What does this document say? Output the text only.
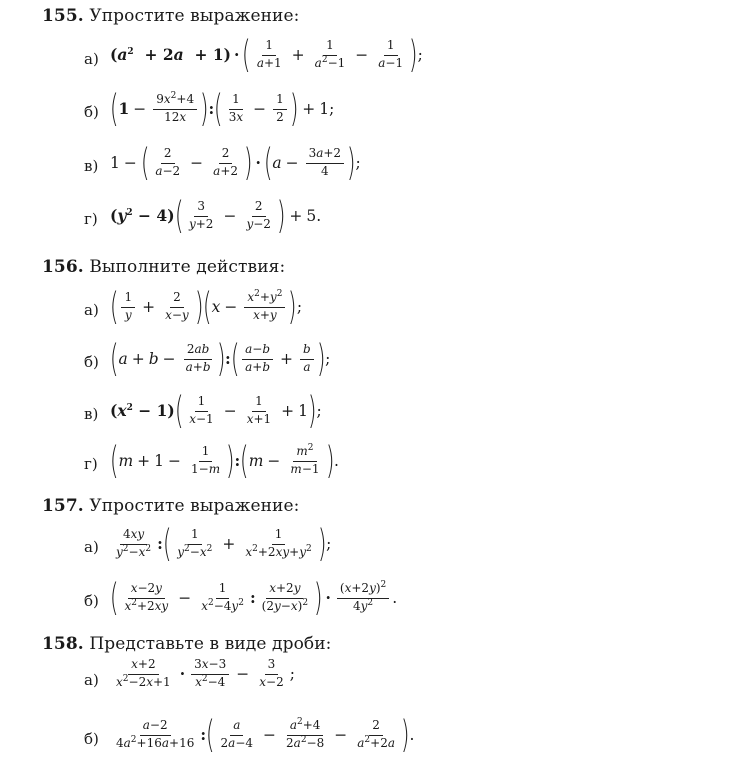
155. Упростите выражение:
а) $(a^2 + 2a + 1)$ · ( $\frac{1}{a+1} + \frac{1}{a^2-1} - \frac{1}{a-1}$ ) ;
б) ( $1 - \frac{9x^2+4}{12x}$ ) : ( $\frac{1}{3x} - \frac{1}{2}$ ) + 1;
в) 1 − ( $\frac{2}{a-2} - \frac{2}{a+2}$ ) · ( $a - \frac{3a+2}{4}$ ) ;
г) $(y^2 - 4)$ ( $\frac{3}{y+2} - \frac{2}{y-2}$ ) + 5.
156. Выполните действия:
а) ( $\frac{1}{y} + \frac{2}{x-y}$ ) ( $x - \frac{x^2+y^2}{x+y}$ ) ;
б) ( $a + b - \frac{2ab}{a+b}$ ) : ( $\frac{a-b}{a+b} + \frac{b}{a}$ ) ;
в) $(x^2 - 1)$ ( $\frac{1}{x-1} - \frac{1}{x+1} + 1$ ) ;
г) ( $m + 1 - \frac{1}{1-m}$ ) : ( $m - \frac{m^2}{m-1}$ ) .
157. Упростите выражение:
$а) \frac{4xy}{y^2-x^2}$ : ( $\frac{1}{y^2-x^2} + \frac{1}{x^2+2xy+y^2}$ ) ;
б) ( $\frac{x-2y}{x^2+2xy} - \frac{1}{x^2-4y^2}$ : $\frac{x+2y}{(2y-x)^2}$ ) · $\frac{(x+2y)^2}{4y^2}$ .
158. Представьте в виде дроби:
$а) \frac{x+2}{x^2-2x+1} \cdot \frac{3x-3}{x^2-4} - \frac{3}{x-2}$ ;
$б) \frac{a-2}{4a^2+16a+16}$ : ( $\frac{a}{2a-4} - \frac{a^2+4}{2a^2-8} - \frac{2}{a^2+2a}$ ) .
